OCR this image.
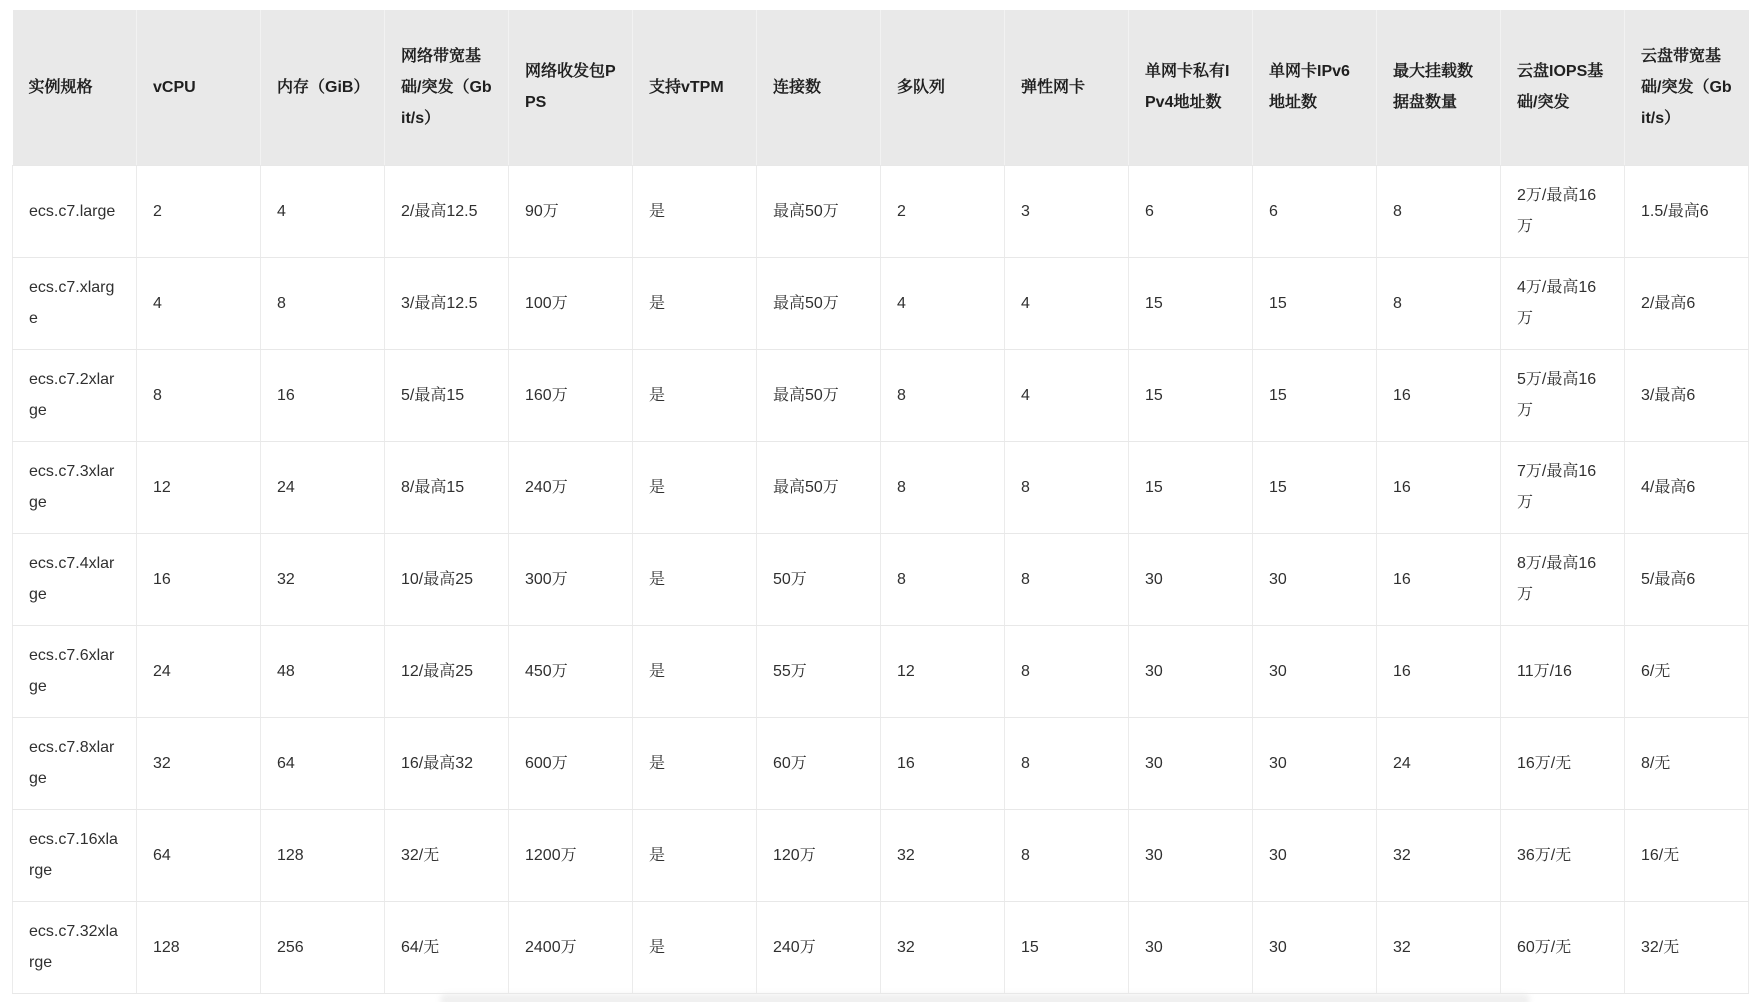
实例规格	vCPU	内存（GiB）	网络带宽基础/突发（Gbit/s）	网络收发包PPS	支持vTPM	连接数	多队列	弹性网卡	单网卡私有IPv4地址数	单网卡IPv6地址数	最大挂载数据盘数量	云盘IOPS基础/突发	云盘带宽基础/突发（Gbit/s）
ecs.c7.large	2	4	2/最高12.5	90万	是	最高50万	2	3	6	6	8	2万/最高16万	1.5/最高6
ecs.c7.xlarge	4	8	3/最高12.5	100万	是	最高50万	4	4	15	15	8	4万/最高16万	2/最高6
ecs.c7.2xlarge	8	16	5/最高15	160万	是	最高50万	8	4	15	15	16	5万/最高16万	3/最高6
ecs.c7.3xlarge	12	24	8/最高15	240万	是	最高50万	8	8	15	15	16	7万/最高16万	4/最高6
ecs.c7.4xlarge	16	32	10/最高25	300万	是	50万	8	8	30	30	16	8万/最高16万	5/最高6
ecs.c7.6xlarge	24	48	12/最高25	450万	是	55万	12	8	30	30	16	11万/16	6/无
ecs.c7.8xlarge	32	64	16/最高32	600万	是	60万	16	8	30	30	24	16万/无	8/无
ecs.c7.16xlarge	64	128	32/无	1200万	是	120万	32	8	30	30	32	36万/无	16/无
ecs.c7.32xlarge	128	256	64/无	2400万	是	240万	32	15	30	30	32	60万/无	32/无
